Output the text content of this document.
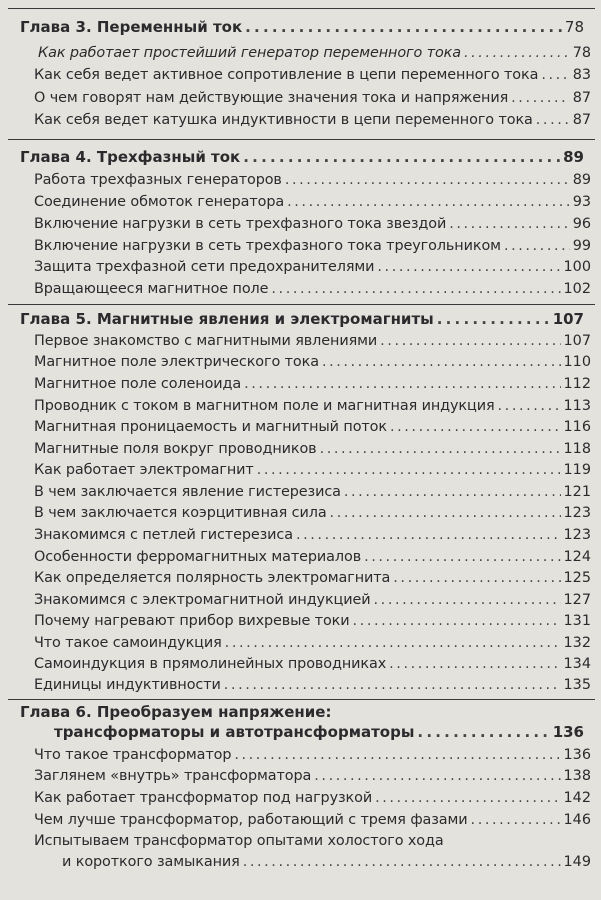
Глава 3. Переменный ток . . .	78
Как работает простейший генератор переменного тока . . .	78
Как себя ведет активное сопротивление в цепи переменного тока . . . 83
О чем говорят нам действующие значения тока и напряжения . . .	87
Как себя ведет катушка индуктивности в цепи переменного тока . . .	87
Глава 4. Трехфазный ток . . .	89
Работа трехфазных генераторов . . .	89
Соединение обмоток генератора . . .	93
Включение нагрузки в сеть трехфазного тока звездой . . .	96
Включение нагрузки в сеть трехфазного тока треугольником . . .	99
Защита трехфазной сети предохранителями . . .	100
Вращающееся магнитное поле . . .	102
Глава 5. Магнитные явления и электромагниты . . .	107
Первое знакомство с магнитными явлениями . . .	107
Магнитное поле электрического тока . . .	110
Магнитное поле соленоида . . .	112
Проводник с током в магнитном поле и магнитная индукция . . .	113
Магнитная проницаемость и магнитный поток . . .	116
Магнитные поля вокруг проводников . . .	118
Как работает электромагнит . . .	119
В чем заключается явление гистерезиса . . .	121
В чем заключается коэрцитивная сила . . .	123
Знакомимся с петлей гистерезиса . . .	123
Особенности ферромагнитных материалов . . .	124
Как определяется полярность электромагнита . . .	125
Знакомимся с электромагнитной индукцией . . .	127
Почему нагревают прибор вихревые токи . . .	131
Что такое самоиндукция . . .	132
Самоиндукция в прямолинейных проводниках . . .	134
Единицы индуктивности . . .	135
Глава 6. Преобразуем напряжение:
трансформаторы и автотрансформаторы . . .	136
Что такое трансформатор . . .	136
Заглянем «внутрь» трансформатора . . .	138
Как работает трансформатор под нагрузкой . . .	142
Чем лучше трансформатор, работающий с тремя фазами . . .	146
Испытываем трансформатор опытами холостого хода
и короткого замыкания . . .	149
